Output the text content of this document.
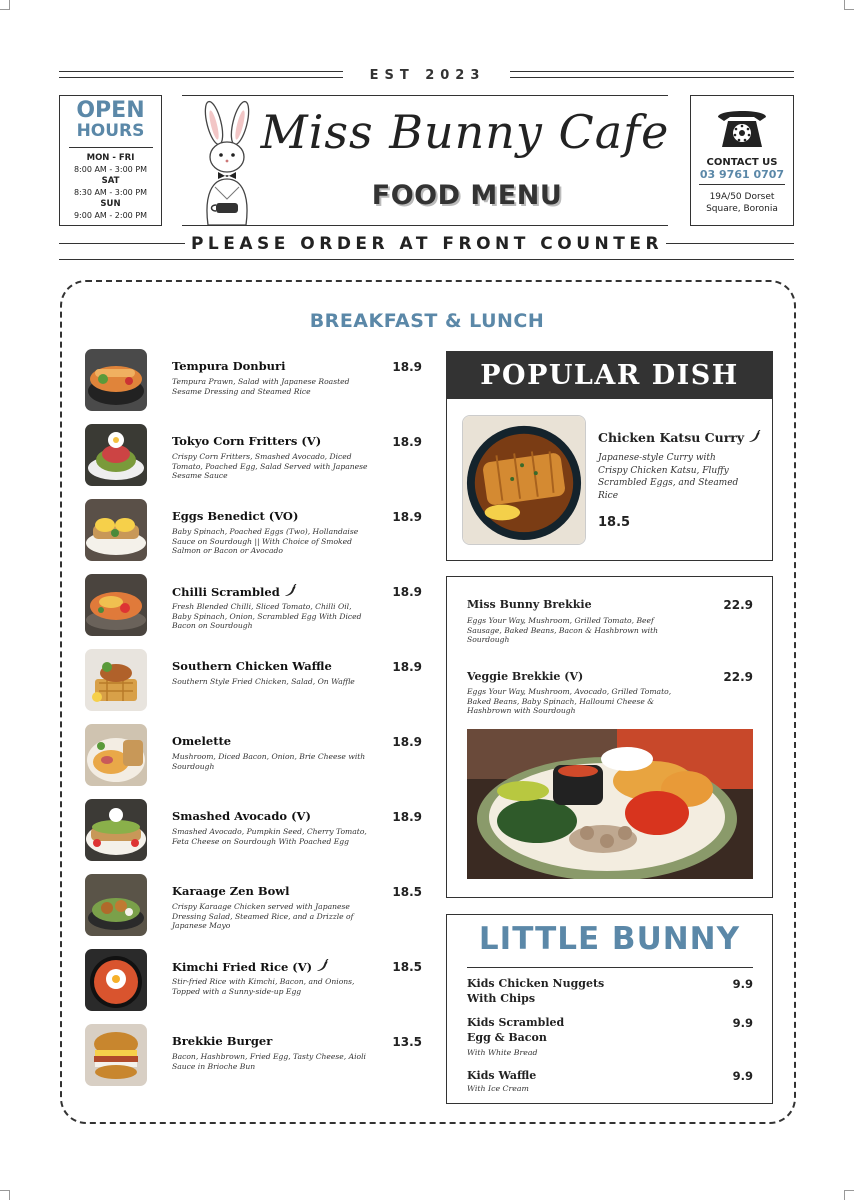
EST 2023
OPEN
HOURS
MON - FRI
8:00 AM - 3:00 PM
SAT
8:30 AM - 3:00 PM
SUN
9:00 AM - 2:00 PM
Miss Bunny Cafe
FOOD MENU
CONTACT US
03 9761 0707
19A/50 Dorset Square, Boronia
PLEASE ORDER AT FRONT COUNTER
BREAKFAST & LUNCH
Tempura Donburi	18.9
Tempura Prawn, Salad with Japanese Roasted Sesame Dressing and Steamed Rice
Tokyo Corn Fritters (V)	18.9
Crispy Corn Fritters, Smashed Avocado, Diced Tomato, Poached Egg, Salad Served with Japanese Sesame Sauce
Eggs Benedict (VO)	18.9
Baby Spinach, Poached Eggs (Two), Hollandaise Sauce on Sourdough || With Choice of Smoked Salmon or Bacon or Avocado
Chilli Scrambled	18.9
Fresh Blended Chilli, Sliced Tomato, Chilli Oil, Baby Spinach, Onion, Scrambled Egg With Diced Bacon on Sourdough
Southern Chicken Waffle	18.9
Southern Style Fried Chicken, Salad, On Waffle
Omelette	18.9
Mushroom, Diced Bacon, Onion, Brie Cheese with Sourdough
Smashed Avocado (V)	18.9
Smashed Avocado, Pumpkin Seed, Cherry Tomato, Feta Cheese on Sourdough With Poached Egg
Karaage Zen Bowl	18.5
Crispy Karaage Chicken served with Japanese Dressing Salad, Steamed Rice, and a Drizzle of Japanese Mayo
Kimchi Fried Rice (V)	18.5
Stir-fried Rice with Kimchi, Bacon, and Onions, Topped with a Sunny-side-up Egg
Brekkie Burger	13.5
Bacon, Hashbrown, Fried Egg, Tasty Cheese, Aioli Sauce in Brioche Bun
POPULAR DISH
Chicken Katsu Curry
Japanese-style Curry with Crispy Chicken Katsu, Fluffy Scrambled Eggs, and Steamed Rice
18.5
Miss Bunny Brekkie	22.9
Eggs Your Way, Mushroom, Grilled Tomato, Beef Sausage, Baked Beans, Bacon & Hashbrown with Sourdough
Veggie Brekkie (V)	22.9
Eggs Your Way, Mushroom, Avocado, Grilled Tomato, Baked Beans, Baby Spinach, Halloumi Cheese & Hashbrown with Sourdough
LITTLE BUNNY
Kids Chicken Nuggets
With Chips
9.9
Kids Scrambled
Egg & Bacon
9.9
With White Bread
Kids Waffle	9.9
With Ice Cream
